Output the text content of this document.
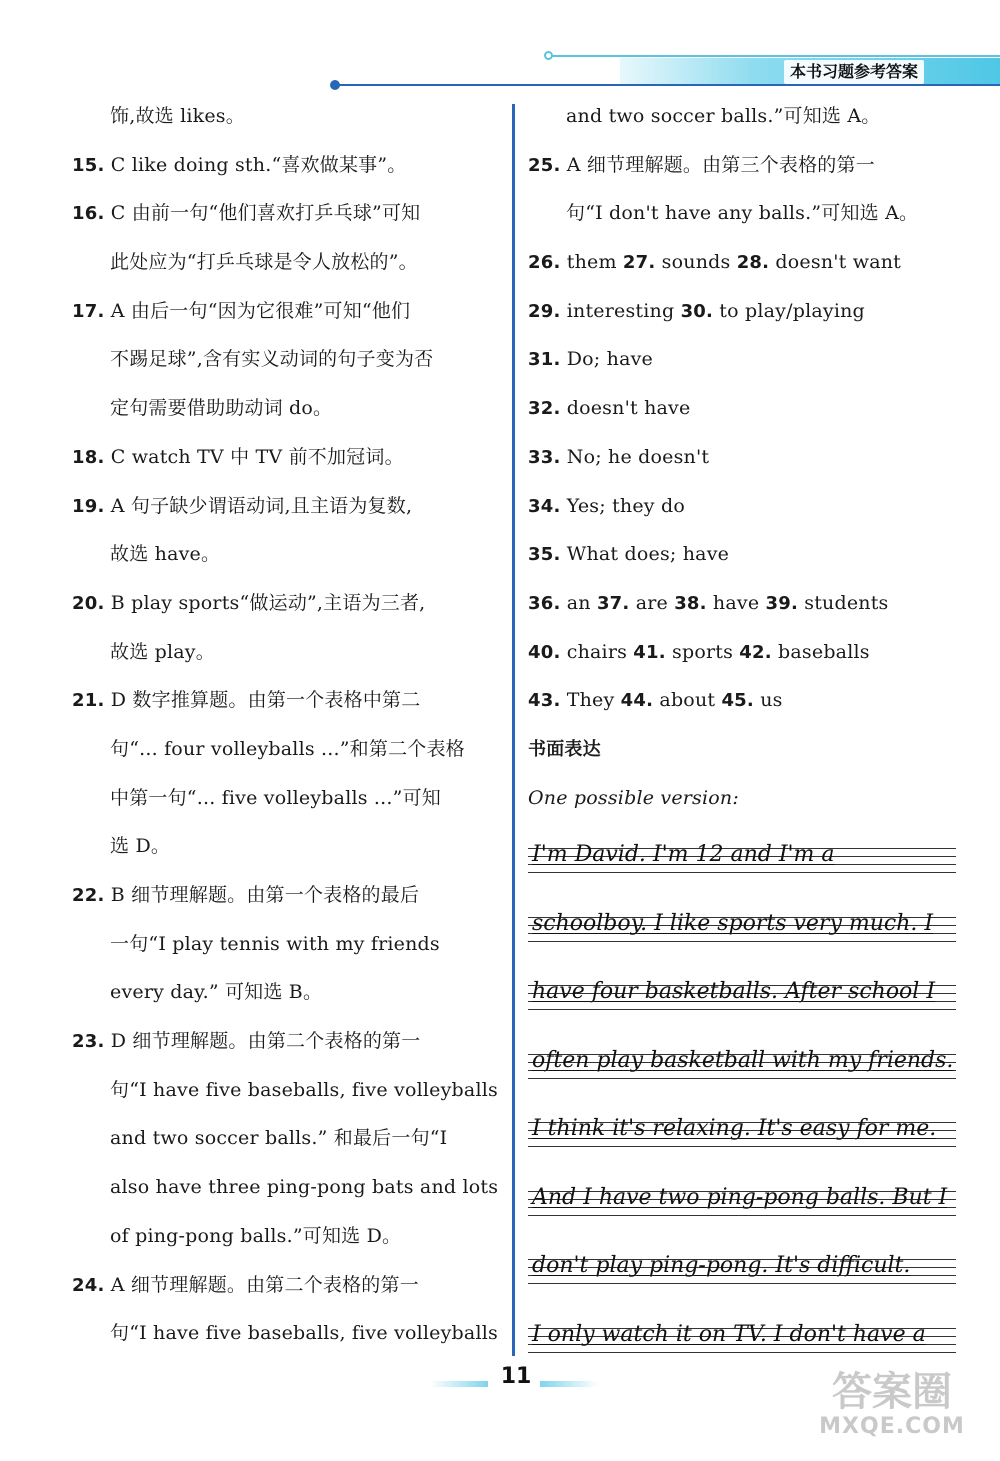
本书习题参考答案
饰,故选 likes。
15. C like doing sth.“喜欢做某事”。
16. C 由前一句“他们喜欢打乒乓球”可知
此处应为“打乒乓球是令人放松的”。
17. A 由后一句“因为它很难”可知“他们
不踢足球”,含有实义动词的句子变为否
定句需要借助助动词 do。
18. C watch TV 中 TV 前不加冠词。
19. A 句子缺少谓语动词,且主语为复数,
故选 have。
20. B play sports“做运动”,主语为三者,
故选 play。
21. D 数字推算题。由第一个表格中第二
句“... four volleyballs ...”和第二个表格
中第一句“... five volleyballs ...”可知
选 D。
22. B 细节理解题。由第一个表格的最后
一句“I play tennis with my friends
every day.” 可知选 B。
23. D 细节理解题。由第二个表格的第一
句“I have five baseballs, five volleyballs
and two soccer balls.” 和最后一句“I
also have three ping-pong bats and lots
of ping-pong balls.”可知选 D。
24. A 细节理解题。由第二个表格的第一
句“I have five baseballs, five volleyballs
and two soccer balls.”可知选 A。
25. A 细节理解题。由第三个表格的第一
句“I don't have any balls.”可知选 A。
26. them 27. sounds 28. doesn't want
29. interesting 30. to play/playing
31. Do; have
32. doesn't have
33. No; he doesn't
34. Yes; they do
35. What does; have
36. an 37. are 38. have 39. students
40. chairs 41. sports 42. baseballs
43. They 44. about 45. us
书面表达
One possible version:
I'm David. I'm 12 and I'm a
schoolboy. I like sports very much. I
have four basketballs. After school I
often play basketball with my friends.
I think it's relaxing. It's easy for me.
And I have two ping-pong balls. But I
don't play ping-pong. It's difficult.
I only watch it on TV. I don't have a
11	答案圈
MXQE.COM
